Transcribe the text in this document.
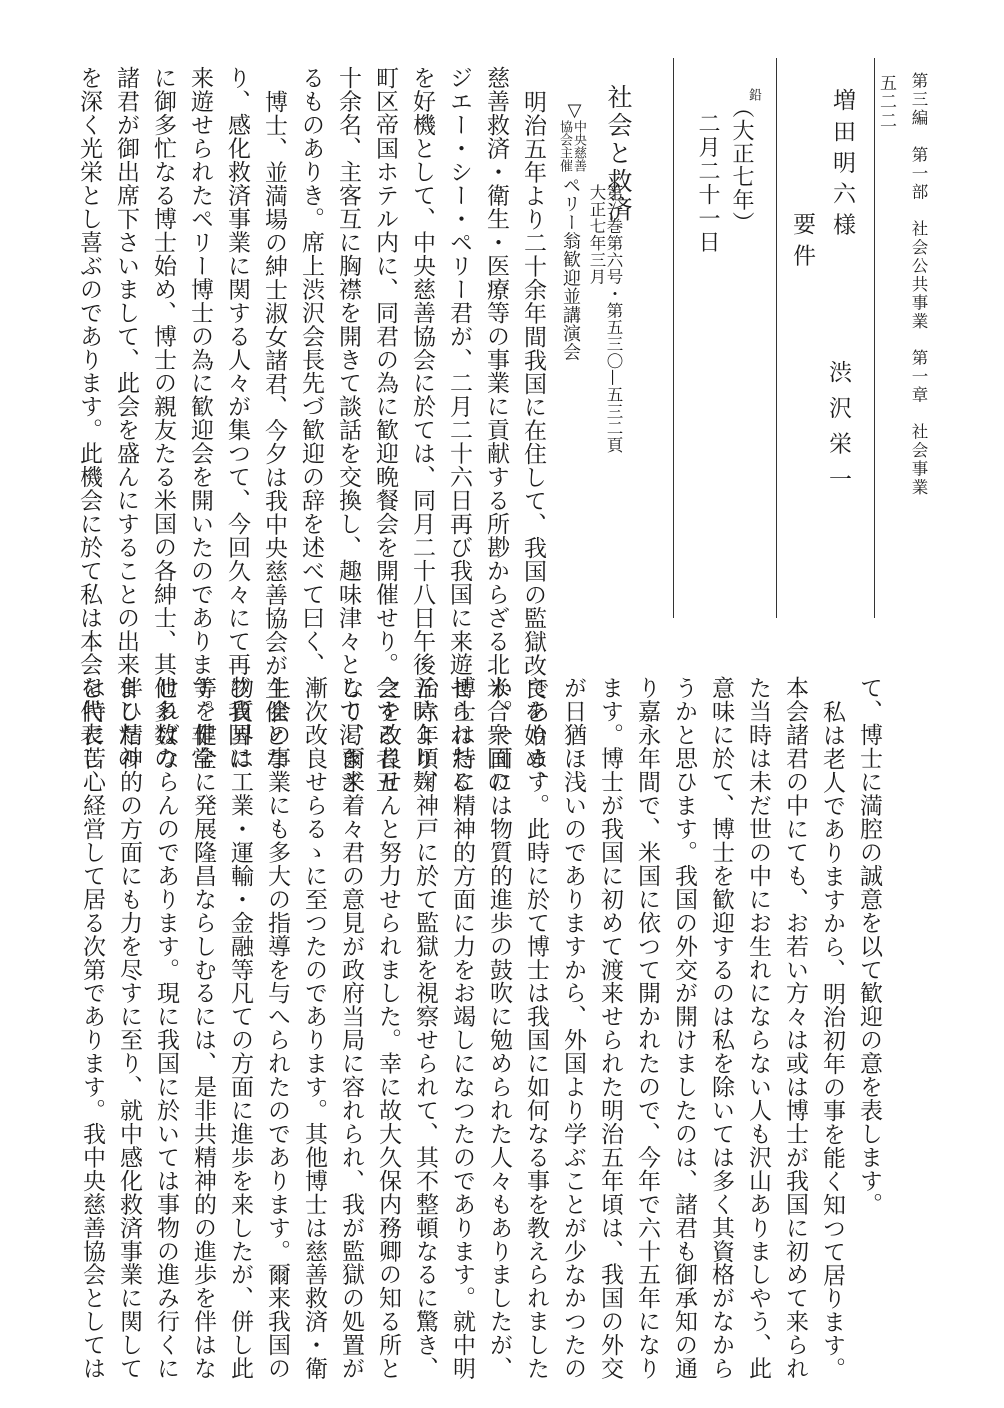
第三編　第一部　社会公共事業　第一章　社会事業
五二二
増田明六様
要件
渋沢栄一
（大正七年）
鉛
二月二十一日
社会と救済
第一巻第六号・第五三〇—五三二頁
大正七年三月
▽
中央慈善
協会主催
ペリー翁歓迎並講演会
明治五年より二十余年間我国に在住して、我国の監獄改良を始め、
慈善救済・衛生・医療等の事業に貢献する所尠からざる北米合衆国の
ジエー・シー・ペリー君が、二月二十六日再び我国に来遊せられたる
を好機として、中央慈善協会に於ては、同月二十八日午後五時より麹
町区帝国ホテル内に、同君の為に歓迎晩餐会を開催せり。会する者五
十余名、主客互に胸襟を開きて談話を交換し、趣味津々として渇きざ
るものありき。席上渋沢会長先づ歓迎の辞を述べて曰く、
博士、並満場の紳士淑女諸君、今夕は我中央慈善協会が主催とな
り、感化救済事業に関する人々が集つて、今回久々にて再び我国に
来遊せられたペリー博士の為に歓迎会を開いたのであります。非常
に御多忙なる博士始め、博士の親友たる米国の各紳士、其他多数の
諸君が御出席下さいまして、此会を盛んにすることの出来ましたの
を深く光栄とし喜ぶのであります。此機会に於て私は本会を代表し
て、博士に満腔の誠意を以て歓迎の意を表します。
私は老人でありますから、明治初年の事を能く知つて居ります。
本会諸君の中にても、お若い方々は或は博士が我国に初めて来られ
た当時は未だ世の中にお生れにならない人も沢山ありましやう、此
意味に於て、博士を歓迎するのは私を除いては多く其資格がなから
うかと思ひます。我国の外交が開けましたのは、諸君も御承知の通
り嘉永年間で、米国に依つて開かれたので、今年で六十五年になり
ます。博士が我国に初めて渡来せられた明治五年頃は、我国の外交
が日猶ほ浅いのでありますから、外国より学ぶことが少なかつたの
であります。此時に於て博士は我国に如何なる事を教えられました
か。一面には物質的進歩の鼓吹に勉められた人々もありましたが、
博士は特に精神的方面に力をお竭しになつたのであります。就中明
治六年頃、神戸に於て監獄を視察せられて、其不整頓なるに驚き、
之を改良せんと努力せられました。幸に故大久保内務卿の知る所と
なり、爾来着々君の意見が政府当局に容れられ、我が監獄の処置が
漸次改良せらるゝに至つたのであります。其他博士は慈善救済・衛
生会の事業にも多大の指導を与へられたのであります。爾来我国の
物質界は工業・運輸・金融等凡ての方面に進歩を来したが、併し此
等を健全に発展隆昌ならしむるには、是非共精神的の進歩を伴はな
ければならんのであります。現に我国に於いては事物の進み行くに
伴ひ精神的の方面にも力を尽すに至り、就中感化救済事業に関して
は特に苦心経営して居る次第であります。我中央慈善協会としては
